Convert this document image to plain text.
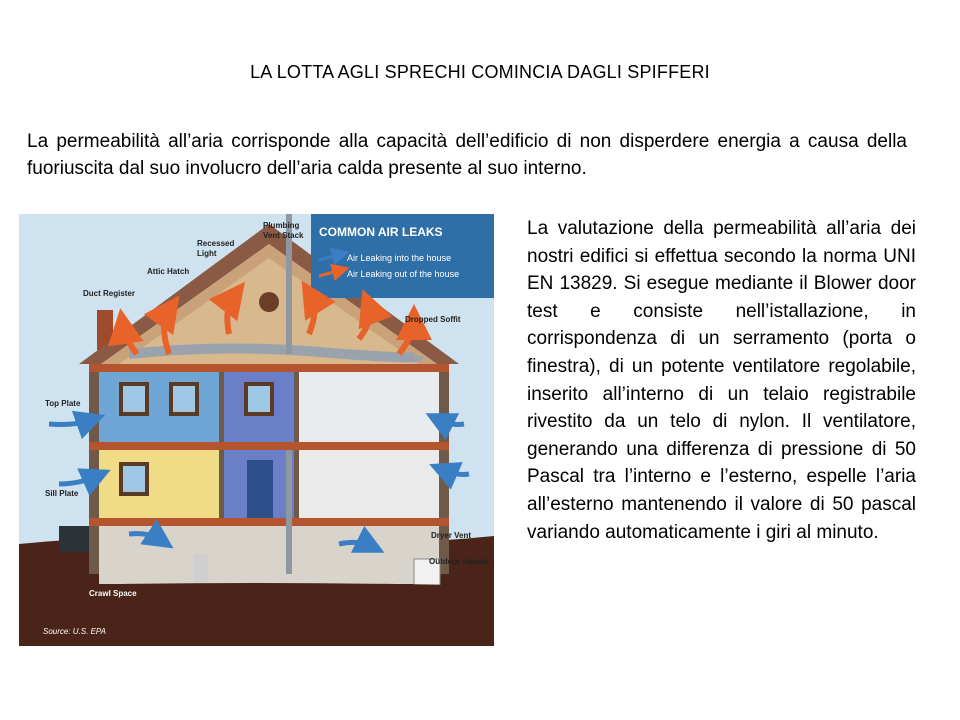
LA LOTTA AGLI SPRECHI COMINCIA DAGLI SPIFFERI
La permeabilità all’aria corrisponde alla capacità dell’edificio di non disperdere energia a causa della fuoriuscita dal suo involucro dell’aria calda presente al suo interno.
COMMON AIR LEAKS
Air Leaking into the house
Air Leaking out of the house
Plumbing
Vent Stack
Recessed
Light
Attic Hatch
Duct Register
Dropped Soffit
Top Plate
Sill Plate
Dryer Vent
Outdoor Faucet
Crawl Space
Source: U.S. EPA
La valutazione della permeabilità all’aria dei nostri edifici si effettua secondo la norma UNI EN 13829. Si esegue mediante il Blower door test e consiste nell’istallazione, in corrispondenza di un serramento (porta o finestra), di un potente ventilatore regolabile, inserito all’interno di un telaio registrabile rivestito da un telo di nylon. Il ventilatore, generando una differenza di pressione di 50 Pascal tra l’interno e l’esterno, espelle l’aria all’esterno mantenendo il valore di 50 pascal variando automaticamente i giri al minuto.
